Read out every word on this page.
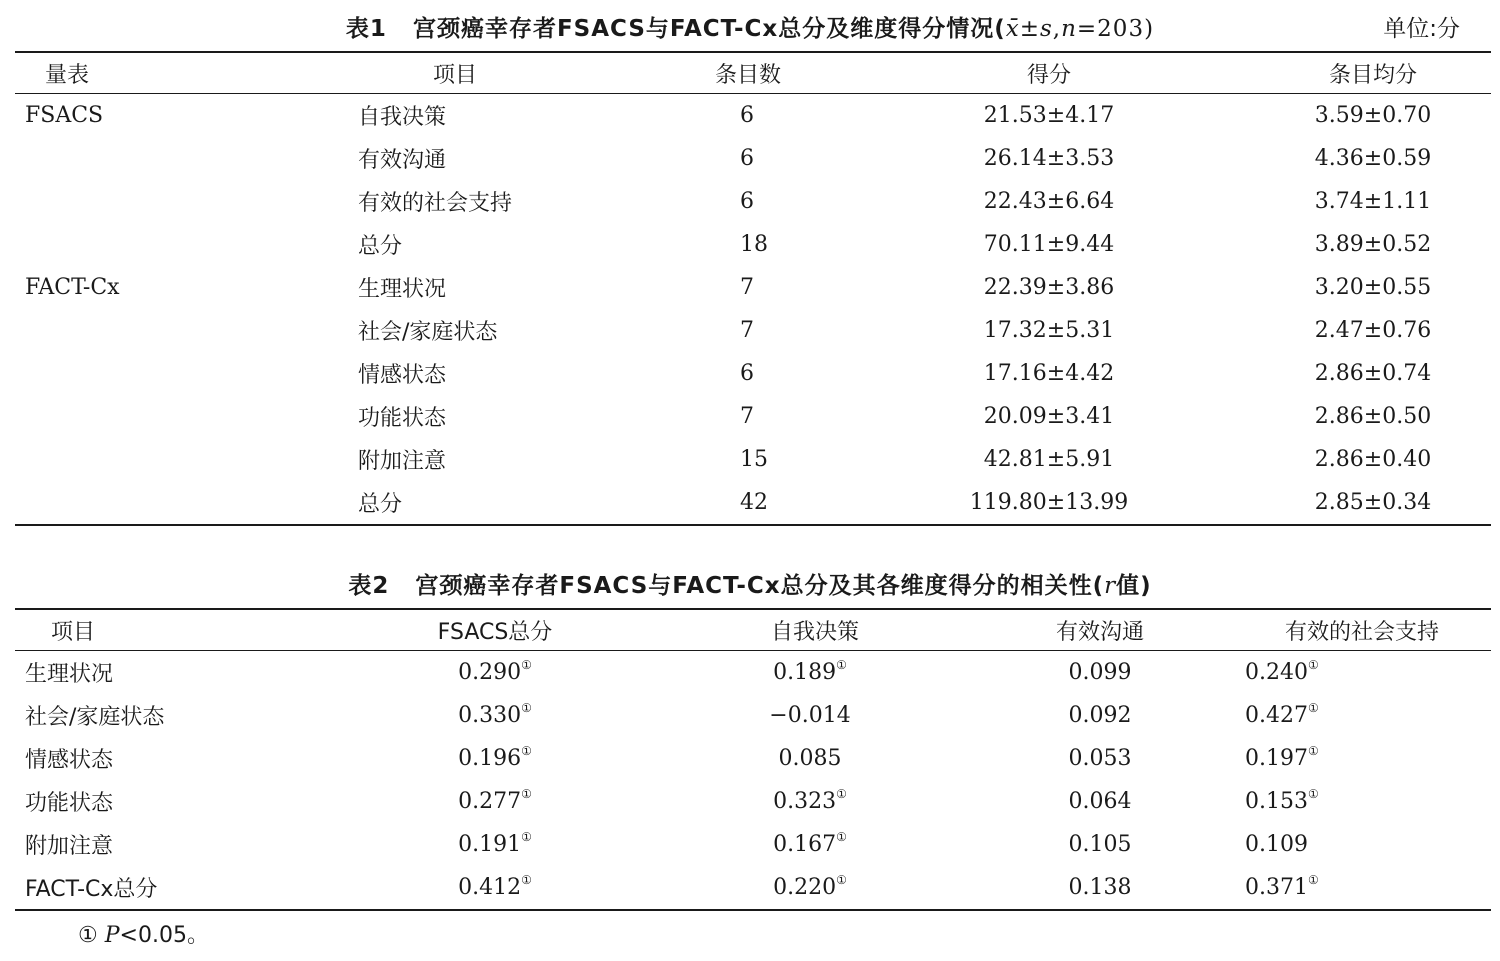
表1 宫颈癌幸存者FSACS与FACT-Cx总分及维度得分情况(x̄±s,n=203)	单位:分
量表	项目	条目数	得分	条目均分
FSACS	自我决策	6	21.53±4.17	3.59±0.70
	有效沟通	6	26.14±3.53	4.36±0.59
	有效的社会支持	6	22.43±6.64	3.74±1.11
	总分	18	70.11±9.44	3.89±0.52
FACT-Cx	生理状况	7	22.39±3.86	3.20±0.55
	社会/家庭状态	7	17.32±5.31	2.47±0.76
	情感状态	6	17.16±4.42	2.86±0.74
	功能状态	7	20.09±3.41	2.86±0.50
	附加注意	15	42.81±5.91	2.86±0.40
	总分	42	119.80±13.99	2.85±0.34
表2 宫颈癌幸存者FSACS与FACT-Cx总分及其各维度得分的相关性(r值)
项目	FSACS总分	自我决策	有效沟通	有效的社会支持
生理状况	0.290①	0.189①	0.099	0.240①
社会/家庭状态	0.330①	−0.014	0.092	0.427①
情感状态	0.196①	0.085	0.053	0.197①
功能状态	0.277①	0.323①	0.064	0.153①
附加注意	0.191①	0.167①	0.105	0.109
FACT-Cx总分	0.412①	0.220①	0.138	0.371①
① P<0.05。
